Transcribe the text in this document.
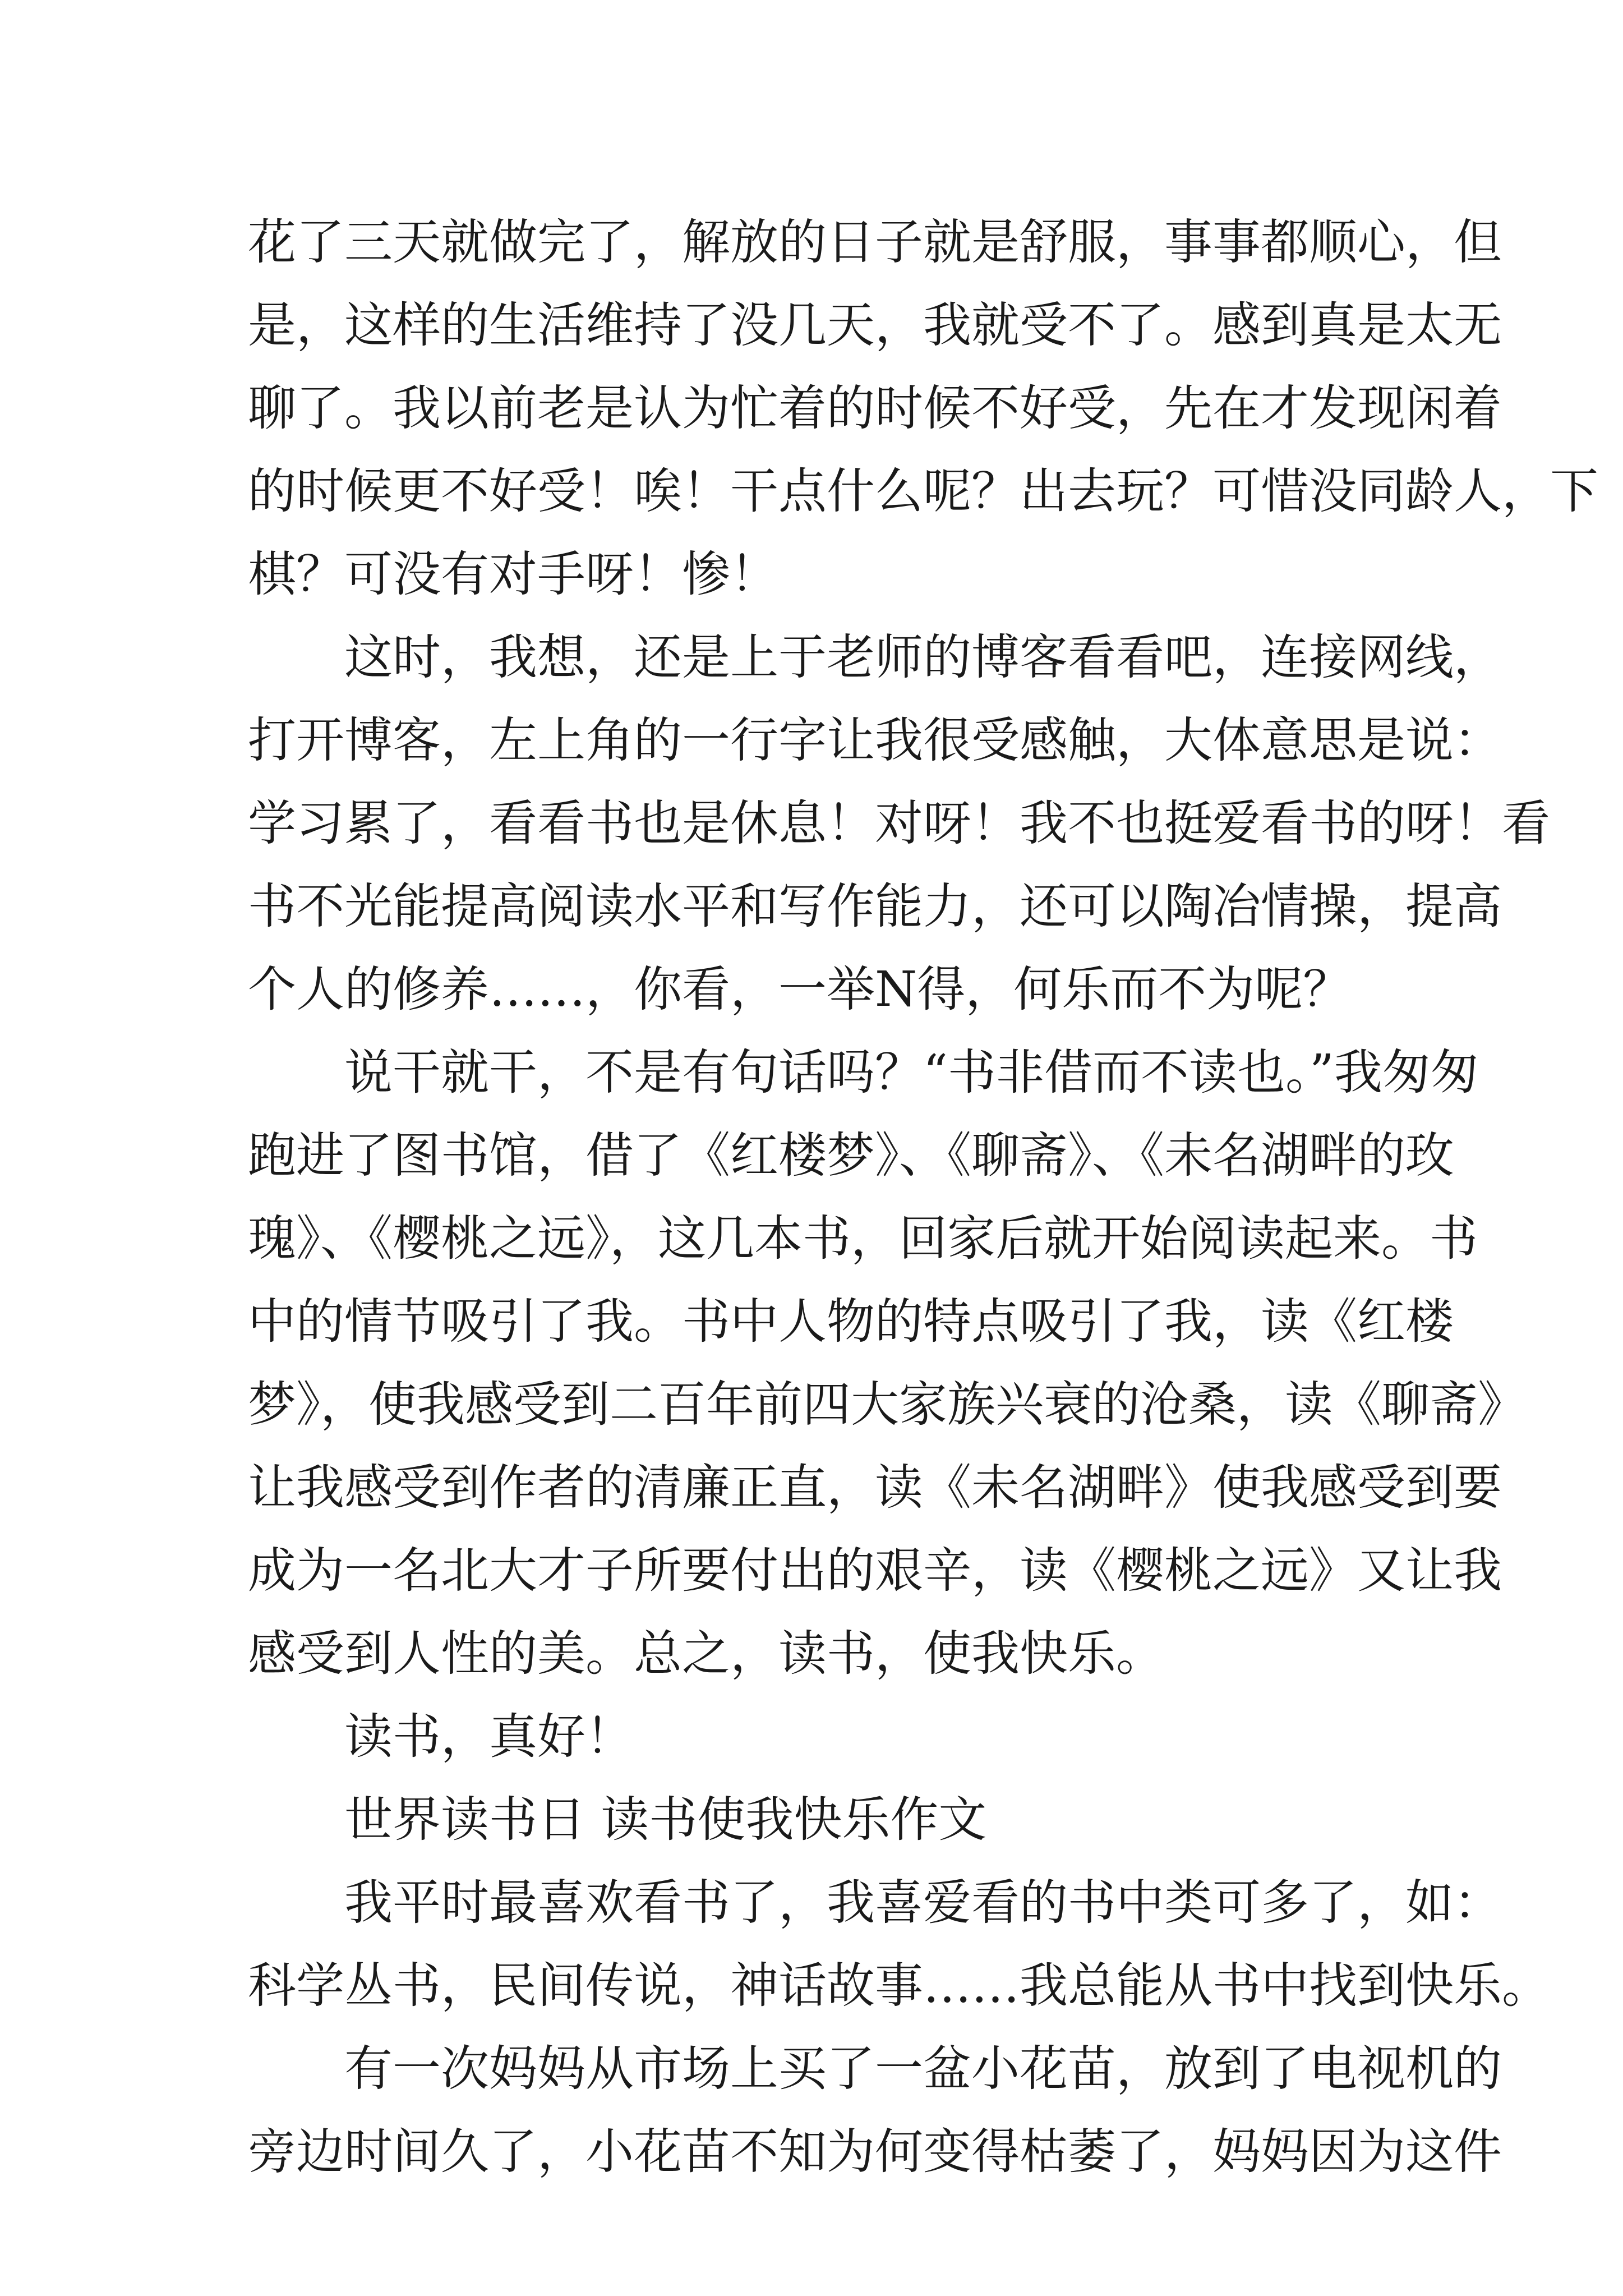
花了三天就做完了，解放的日子就是舒服，事事都顺心，但
是，这样的生活维持了没几天，我就受不了。感到真是太无
聊了。我以前老是认为忙着的时候不好受，先在才发现闲着
的时候更不好受！唉！干点什么呢？出去玩？可惜没同龄人，下
棋？可没有对手呀！惨！
这时，我想，还是上于老师的博客看看吧，连接网线，
打开博客，左上角的一行字让我很受感触，大体意思是说：
学习累了，看看书也是休息！对呀！我不也挺爱看书的呀！看
书不光能提高阅读水平和写作能力，还可以陶冶情操，提高
个人的修养……，你看，一举N得，何乐而不为呢？
说干就干，不是有句话吗？“书非借而不读也。”我匆匆
跑进了图书馆，借了《红楼梦》、《聊斋》、《未名湖畔的玫
瑰》、《樱桃之远》，这几本书，回家后就开始阅读起来。书
中的情节吸引了我。书中人物的特点吸引了我，读《红楼
梦》，使我感受到二百年前四大家族兴衰的沧桑，读《聊斋》
让我感受到作者的清廉正直，读《未名湖畔》使我感受到要
成为一名北大才子所要付出的艰辛，读《樱桃之远》又让我
感受到人性的美。总之，读书，使我快乐。
读书，真好！
世界读书日 读书使我快乐作文
我平时最喜欢看书了，我喜爱看的书中类可多了，如：
科学丛书，民间传说，神话故事……我总能从书中找到快乐。
有一次妈妈从市场上买了一盆小花苗，放到了电视机的
旁边时间久了，小花苗不知为何变得枯萎了，妈妈因为这件
